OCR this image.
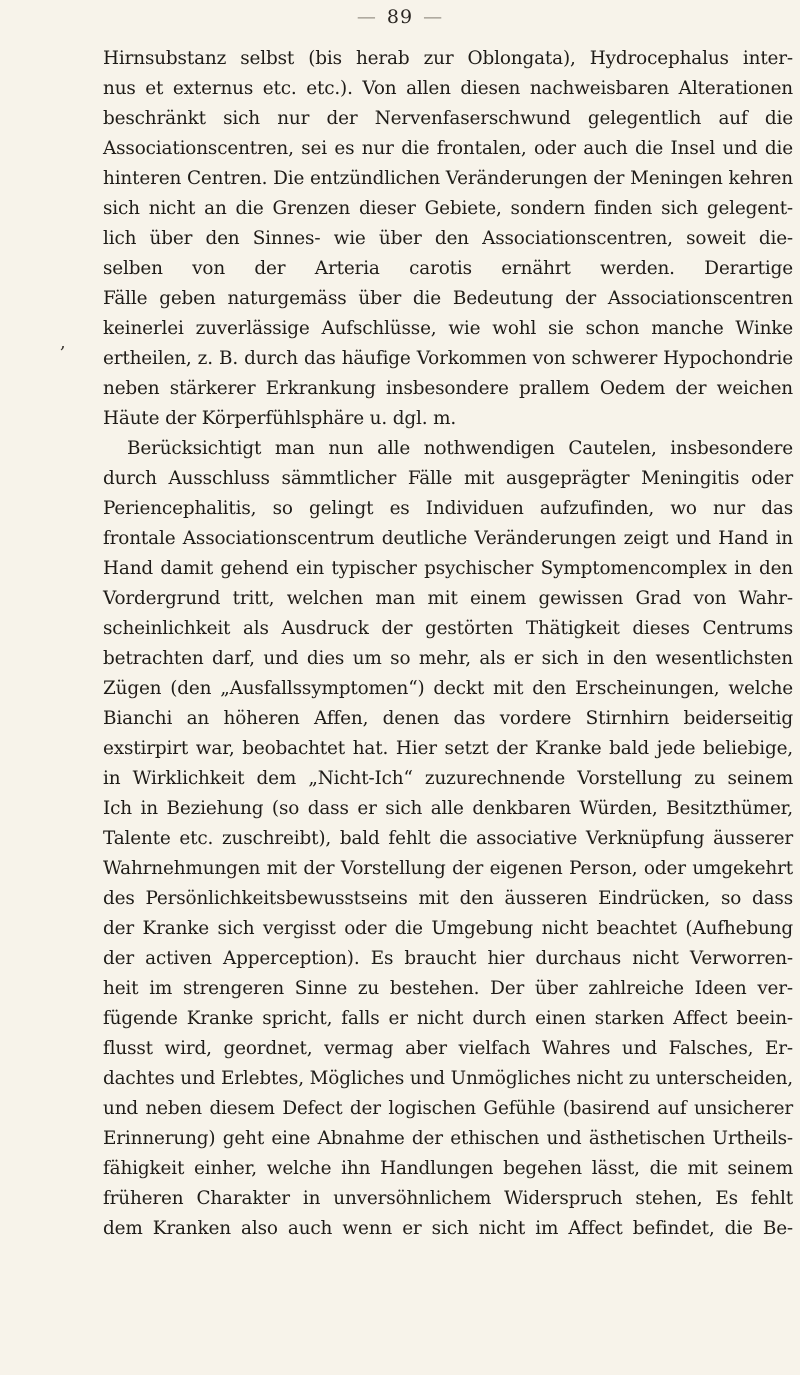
— 89 —
,
Hirnsubstanz selbst (bis herab zur Oblongata), Hydrocephalus inter-
nus et externus etc. etc.). Von allen diesen nachweisbaren Alterationen
beschränkt sich nur der Nervenfaserschwund gelegentlich auf die
Associationscentren, sei es nur die frontalen, oder auch die Insel und die
hinteren Centren. Die entzündlichen Veränderungen der Meningen kehren
sich nicht an die Grenzen dieser Gebiete, sondern finden sich gelegent-
lich über den Sinnes- wie über den Associationscentren, soweit die-
selben von der Arteria carotis ernährt werden. Derartige
Fälle geben naturgemäss über die Bedeutung der Associationscentren
keinerlei zuverlässige Aufschlüsse, wie wohl sie schon manche Winke
ertheilen, z. B. durch das häufige Vorkommen von schwerer Hypochondrie
neben stärkerer Erkrankung insbesondere prallem Oedem der weichen
Häute der Körperfühlsphäre u. dgl. m.
Berücksichtigt man nun alle nothwendigen Cautelen, insbesondere
durch Ausschluss sämmtlicher Fälle mit ausgeprägter Meningitis oder
Periencephalitis, so gelingt es Individuen aufzufinden, wo nur das
frontale Associationscentrum deutliche Veränderungen zeigt und Hand in
Hand damit gehend ein typischer psychischer Symptomencomplex in den
Vordergrund tritt, welchen man mit einem gewissen Grad von Wahr-
scheinlichkeit als Ausdruck der gestörten Thätigkeit dieses Centrums
betrachten darf, und dies um so mehr, als er sich in den wesentlichsten
Zügen (den „Ausfallssymptomen“) deckt mit den Erscheinungen, welche
Bianchi an höheren Affen, denen das vordere Stirnhirn beiderseitig
exstirpirt war, beobachtet hat. Hier setzt der Kranke bald jede beliebige,
in Wirklichkeit dem „Nicht-Ich“ zuzurechnende Vorstellung zu seinem
Ich in Beziehung (so dass er sich alle denkbaren Würden, Besitzthümer,
Talente etc. zuschreibt), bald fehlt die associative Verknüpfung äusserer
Wahrnehmungen mit der Vorstellung der eigenen Person, oder umgekehrt
des Persönlichkeitsbewusstseins mit den äusseren Eindrücken, so dass
der Kranke sich vergisst oder die Umgebung nicht beachtet (Aufhebung
der activen Apperception). Es braucht hier durchaus nicht Verworren-
heit im strengeren Sinne zu bestehen. Der über zahlreiche Ideen ver-
fügende Kranke spricht, falls er nicht durch einen starken Affect beein-
flusst wird, geordnet, vermag aber vielfach Wahres und Falsches, Er-
dachtes und Erlebtes, Mögliches und Unmögliches nicht zu unterscheiden,
und neben diesem Defect der logischen Gefühle (basirend auf unsicherer
Erinnerung) geht eine Abnahme der ethischen und ästhetischen Urtheils-
fähigkeit einher, welche ihn Handlungen begehen lässt, die mit seinem
früheren Charakter in unversöhnlichem Widerspruch stehen, Es fehlt
dem Kranken also auch wenn er sich nicht im Affect befindet, die Be-
